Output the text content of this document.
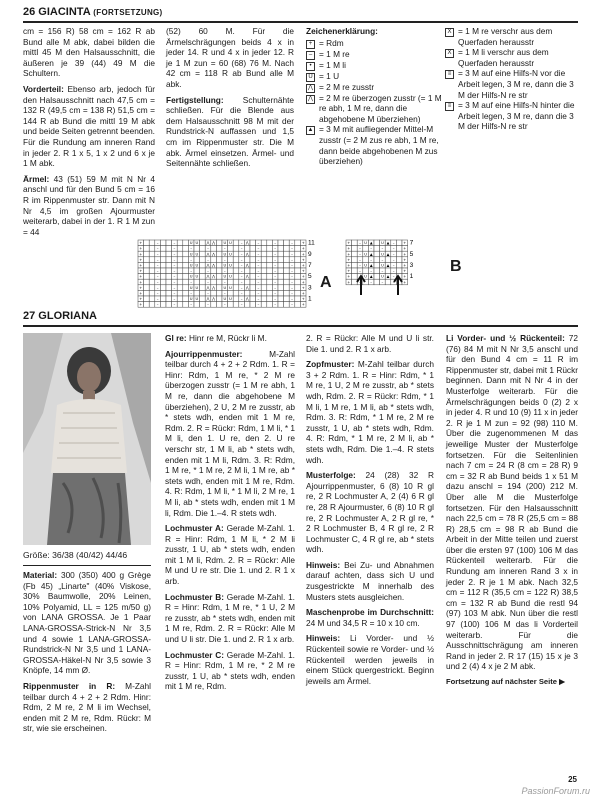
26 GIACINTA (FORTSETZUNG)

cm = 156 R) 58 cm = 162 R ab Bund alle M abk, dabei bilden die mittl 45 M den Halsausschnitt, die äußeren je 39 (44) 49 M die Schultern.

Vorderteil: Ebenso arb, jedoch für den Halsausschnitt nach 47,5 cm = 132 R (49,5 cm = 138 R) 51,5 cm = 144 R ab Bund die mittl 19 M abk und beide Seiten getrennt beenden. Für die Rundung am inneren Rand in jeder 2. R 1 x 5, 1 x 2 und 6 x je 1 M abk.

Ärmel: 43 (51) 59 M mit N Nr 4 anschl und für den Bund 5 cm = 16 R im Rippenmuster str. Dann mit N Nr 4,5 im großen Ajourmuster weiterarb, dabei in der 1. R 1 M zun = 44

(52) 60 M. Für die Ärmelschrägungen beids 4 x in jeder 14. R und 4 x in jeder 12. R je 1 M zun = 60 (68) 76 M. Nach 42 cm = 118 R ab Bund alle M abk.

Fertigstellung: Schulternähte schließen. Für die Blende aus dem Halsausschnitt 98 M mit der Rundstrick-N auffassen und 1,5 cm im Rippenmuster str. Die M abk. Ärmel einsetzen. Ärmel- und Seitennähte schließen.

Zeichenerklärung:

+ = Rdm
– = 1 M re
• = 1 M li
U = 1 U
⋀ = 2 M re zusstr
⋀ = 2 M re überzogen zusstr (= 1 M re abh, 1 M re, dann die abgehobene M überziehen)
▲ = 3 M mit aufliegender Mittel-M zusstr (= 2 M zus re abh, 1 M re, dann beide abgehobenen M zus überziehen)
X = 1 M re verschr aus dem Querfaden herausstr
X = 1 M li verschr aus dem Querfaden herausstr
≡ = 3 M auf eine Hilfs-N vor die Arbeit legen, 3 M re, dann die 3 M der Hilfs-N re str
≡ = 3 M auf eine Hilfs-N hinter die Arbeit legen, 3 M re, dann die 3 M der Hilfs-N re str
+	–	–	U U ⋀ ⋀ U U – ⋀ –	–	– + 11
+	–	–	–	–	–	–	–	–	– +
+	–	–	U U ⋀ ⋀ U U – ⋀ –	–	– + 9
+	–	–	–	–	–	–	–	–	– +
+	–	–	U U ⋀ ⋀ U U – ⋀ –	–	– + 7
+	–	–	–	–	–	–	–	–	– +
+	–	–	U U ⋀ ⋀ U U – ⋀ –	–	– + 5
+	–	–	–	–	–	–	–	–	– +
+	–	–	U U ⋀ ⋀ U U – ⋀ –	–	– + 3
+	–	–	–	–	–	–	–	–	– +
+	–	–	U U ⋀ ⋀ U U – ⋀ –	–	– + 1
+	–	–	–	–	–	–	–	–	– +
A
+ – U ▲ U ▲ – + 7
+ –	–	–	– +
+ – U ▲ U ▲ – + 5
+ –	–	–	– +
+ – U ▲ U ▲ – + 3
+ –	–	–	– +
+ – U ▲ U ▲ – + 1
+ –	–	–	– +
B
27 GLORIANA
Größe: 36/38 (40/42) 44/46

Material: 300 (350) 400 g Grège (Fb 45) „Linarte" (40% Viskose, 30% Baumwolle, 20% Leinen, 10% Polyamid, LL = 125 m/50 g) von LANA GROSSA. Je 1 Paar LANA-GROSSA-Strick-N Nr 3,5 und 4 sowie 1 LANA-GROSSA-Rundstrick-N Nr 3,5 und 1 LANA-GROSSA-Häkel-N Nr 3,5 sowie 3 Knöpfe, 14 mm Ø.

Rippenmuster in R: M-Zahl teilbar durch 4 + 2 + 2 Rdm. Hinr: Rdm, 2 M re, 2 M li im Wechsel, enden mit 2 M re, Rdm. Rückr: M str, wie sie erscheinen.

Gl re: Hinr re M, Rückr li M.

Ajourrippenmuster: M-Zahl teilbar durch 4 + 2 + 2 Rdm. 1. R = Hinr: Rdm, 1 M re, * 2 M re überzogen zusstr (= 1 M re abh, 1 M re, dann die abgehobene M überziehen), 2 U, 2 M re zusstr, ab * stets wdh, enden mit 1 M re, Rdm. 2. R = Rückr: Rdm, 1 M li, * 1 M li, den 1. U re, den 2. U re verschr str, 1 M li, ab * stets wdh, enden mit 1 M li, Rdm. 3. R: Rdm, 1 M re, * 1 M re, 2 M li, 1 M re, ab * stets wdh, enden mit 1 M re, Rdm. 4. R: Rdm, 1 M li, * 1 M li, 2 M re, 1 M li, ab * stets wdh, enden mit 1 M li, Rdm. Die 1.–4. R stets wdh.

Lochmuster A: Gerade M-Zahl. 1. R = Hinr: Rdm, 1 M li, * 2 M li zusstr, 1 U, ab * stets wdh, enden mit 1 M li, Rdm. 2. R = Rückr: Alle M und U re str. Die 1. und 2. R 1 x arb.

Lochmuster B: Gerade M-Zahl. 1. R = Hinr: Rdm, 1 M re, * 1 U, 2 M re zusstr, ab * stets wdh, enden mit 1 M re, Rdm. 2. R = Rückr: Alle M und U li str. Die 1. und 2. R 1 x arb.

Lochmuster C: Gerade M-Zahl. 1. R = Hinr: Rdm, 1 M re, * 2 M re zusstr, 1 U, ab * stets wdh, enden mit 1 M re, Rdm.

2. R = Rückr: Alle M und U li str. Die 1. und 2. R 1 x arb.

Zopfmuster: M-Zahl teilbar durch 3 + 2 Rdm. 1. R = Hinr: Rdm, * 1 M re, 1 U, 2 M re zusstr, ab * stets wdh, Rdm. 2. R = Rückr: Rdm, * 1 M li, 1 M re, 1 M li, ab * stets wdh, Rdm. 3. R: Rdm, * 1 M re, 2 M re zusstr, 1 U, ab * stets wdh, Rdm. 4. R: Rdm, * 1 M re, 2 M li, ab * stets wdh, Rdm. Die 1.–4. R stets wdh.

Musterfolge: 24 (28) 32 R Ajourrippenmuster, 6 (8) 10 R gl re, 2 R Lochmuster A, 2 (4) 6 R gl re, 28 R Ajourmuster, 6 (8) 10 R gl re, 2 R Lochmuster A, 2 R gl re, * 2 R Lochmuster B, 4 R gl re, 2 R Lochmuster C, 4 R gl re, ab * stets wdh.

Hinweis: Bei Zu- und Abnahmen darauf achten, dass sich U und zusgestrickte M innerhalb des Musters stets ausgleichen.

Maschenprobe im Durchschnitt: 24 M und 34,5 R = 10 x 10 cm.

Hinweis: Li Vorder- und ½ Rückenteil sowie re Vorder- und ½ Rückenteil werden jeweils in einem Stück quergestrickt. Beginn jeweils am Ärmel.

Li Vorder- und ½ Rückenteil: 72 (76) 84 M mit N Nr 3,5 anschl und für den Bund 4 cm = 11 R im Rippenmuster str, dabei mit 1 Rückr beginnen. Dann mit N Nr 4 in der Musterfolge weiterarb. Für die Ärmelschrägungen beids 0 (2) 2 x in jeder 4. R und 10 (9) 11 x in jeder 2. R je 1 M zun = 92 (98) 110 M. Über die zugenommenen M das jeweilige Muster der Musterfolge fortsetzen. Für die Seitenlinien nach 7 cm = 24 R (8 cm = 28 R) 9 cm = 32 R ab Bund beids 1 x 51 M dazu anschl = 194 (200) 212 M. Über alle M die Musterfolge fortsetzen. Für den Halsausschnitt nach 22,5 cm = 78 R (25,5 cm = 88 R) 28,5 cm = 98 R ab Bund die Arbeit in der Mitte teilen und zuerst über die ersten 97 (100) 106 M das Rückenteil weiterarb. Für die Rundung am inneren Rand 3 x in jeder 2. R je 1 M abk. Nach 32,5 cm = 112 R (35,5 cm = 122 R) 38,5 cm = 132 R ab Bund die restl 94 (97) 103 M abk. Nun über die restl 97 (100) 106 M das li Vorderteil weiterarb. Für die Ausschnittschrägung am inneren Rand in jeder 2. R 17 (15) 15 x je 3 und 2 (4) 4 x je 2 M abk.

Fortsetzung auf nächster Seite ▶

25
PassionForum.ru
